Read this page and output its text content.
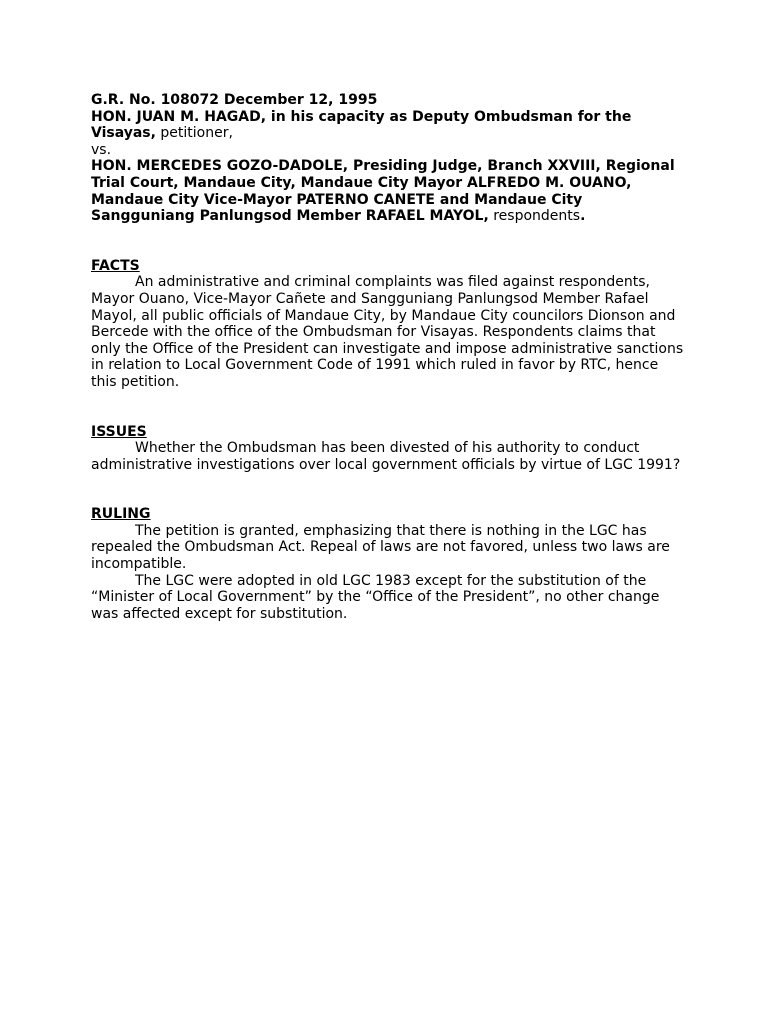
G.R. No. 108072 December 12, 1995
HON. JUAN M. HAGAD, in his capacity as Deputy Ombudsman for the
Visayas, petitioner,
vs.
HON. MERCEDES GOZO-DADOLE, Presiding Judge, Branch XXVIII, Regional
Trial Court, Mandaue City, Mandaue City Mayor ALFREDO M. OUANO,
Mandaue City Vice-Mayor PATERNO CANETE and Mandaue City
Sangguniang Panlungsod Member RAFAEL MAYOL, respondents.
FACTS
An administrative and criminal complaints was filed against respondents,
Mayor Ouano, Vice-Mayor Cañete and Sangguniang Panlungsod Member Rafael
Mayol, all public officials of Mandaue City, by Mandaue City councilors Dionson and
Bercede with the office of the Ombudsman for Visayas. Respondents claims that
only the Office of the President can investigate and impose administrative sanctions
in relation to Local Government Code of 1991 which ruled in favor by RTC, hence
this petition.
ISSUES
Whether the Ombudsman has been divested of his authority to conduct
administrative investigations over local government officials by virtue of LGC 1991?
RULING
The petition is granted, emphasizing that there is nothing in the LGC has
repealed the Ombudsman Act. Repeal of laws are not favored, unless two laws are
incompatible.
The LGC were adopted in old LGC 1983 except for the substitution of the
“Minister of Local Government” by the “Office of the President”, no other change
was affected except for substitution.
